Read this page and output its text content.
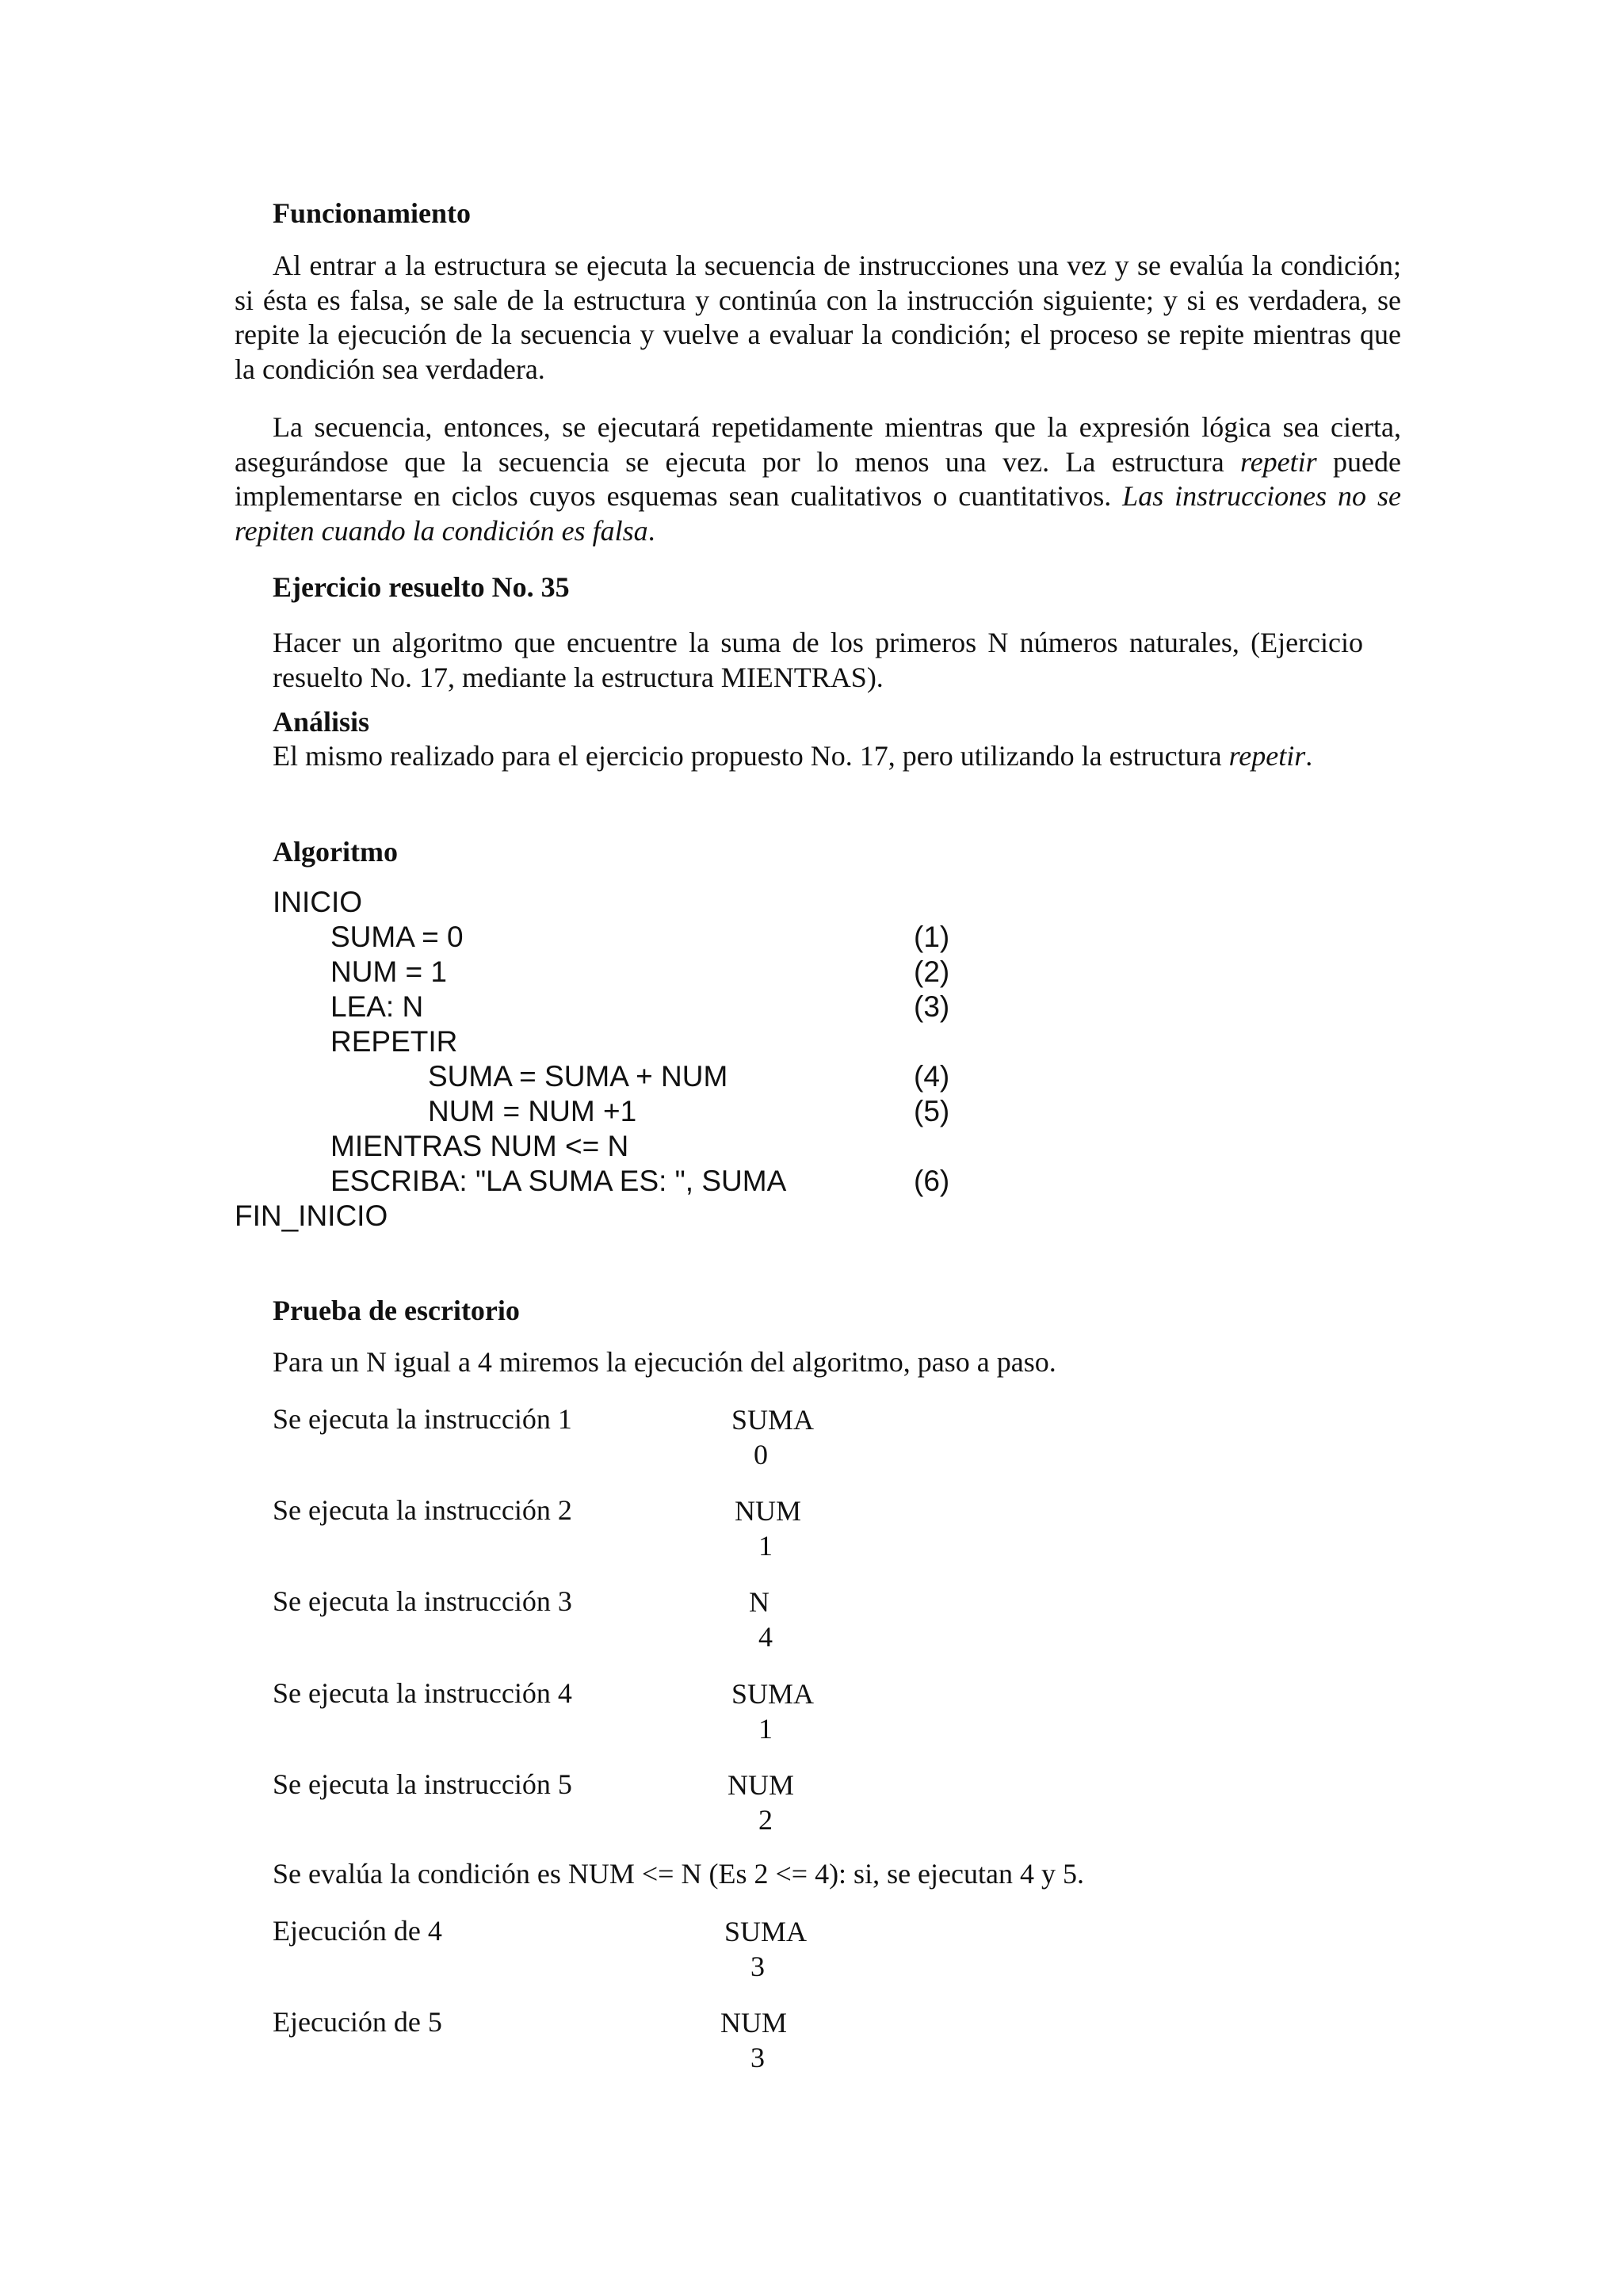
Funcionamiento

Al entrar a la estructura se ejecuta la secuencia de instrucciones una vez y se evalúa la condición; si ésta es falsa, se sale de la estructura y continúa con la instrucción siguiente; y si es verdadera, se repite la ejecución de la secuencia y vuelve a evaluar la condición; el proceso se repite mientras que la condición sea verdadera.

La secuencia, entonces, se ejecutará repetidamente mientras que la expresión lógica sea cierta, asegurándose que la secuencia se ejecuta por lo menos una vez. La estructura repetir puede implementarse en ciclos cuyos esquemas sean cualitativos o cuantitativos. Las instrucciones no se repiten cuando la condición es falsa.

Ejercicio resuelto No. 35

Hacer un algoritmo que encuentre la suma de los primeros N números naturales, (Ejercicio resuelto No. 17, mediante la estructura MIENTRAS).

Análisis

El mismo realizado para el ejercicio propuesto No. 17, pero utilizando la estructura repetir.

Algoritmo
INICIO
SUMA = 0	(1)
NUM = 1	(2)
LEA: N	(3)
REPETIR
SUMA = SUMA + NUM	(4)
NUM = NUM +1	(5)
MIENTRAS NUM <= N
ESCRIBA: "LA SUMA ES: ", SUMA	(6)
FIN_INICIO
Prueba de escritorio
Para un N igual a 4 miremos la ejecución del algoritmo, paso a paso.
Se ejecuta la instrucción 1	SUMA
0
Se ejecuta la instrucción 2	NUM
1
Se ejecuta la instrucción 3	N
4
Se ejecuta la instrucción 4	SUMA
1
Se ejecuta la instrucción 5	NUM
2
Se evalúa la condición es NUM <= N (Es 2 <= 4): si, se ejecutan 4 y 5.
Ejecución de 4	SUMA
3
Ejecución de 5	NUM
3
